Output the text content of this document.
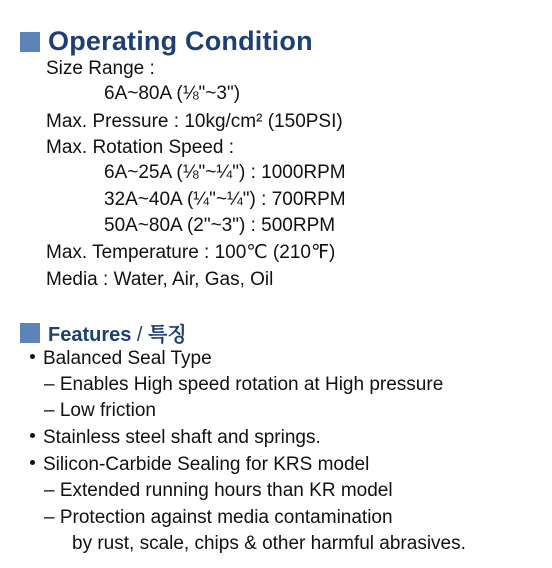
Operating Condition
Size Range :
6A~80A (⅛"~3")
Max. Pressure : 10kg/cm² (150PSI)
Max. Rotation Speed :
6A~25A (⅛"~¼") : 1000RPM
32A~40A (¼"~¼") : 700RPM
50A~80A (2"~3") : 500RPM
Max. Temperature : 100℃ (210℉)
Media : Water, Air, Gas, Oil
Features / 특징
Balanced Seal Type
– Enables High speed rotation at High pressure
– Low friction
Stainless steel shaft and springs.
Silicon-Carbide Sealing for KRS model
– Extended running hours than KR model
– Protection against media contamination
by rust, scale, chips & other harmful abrasives.
